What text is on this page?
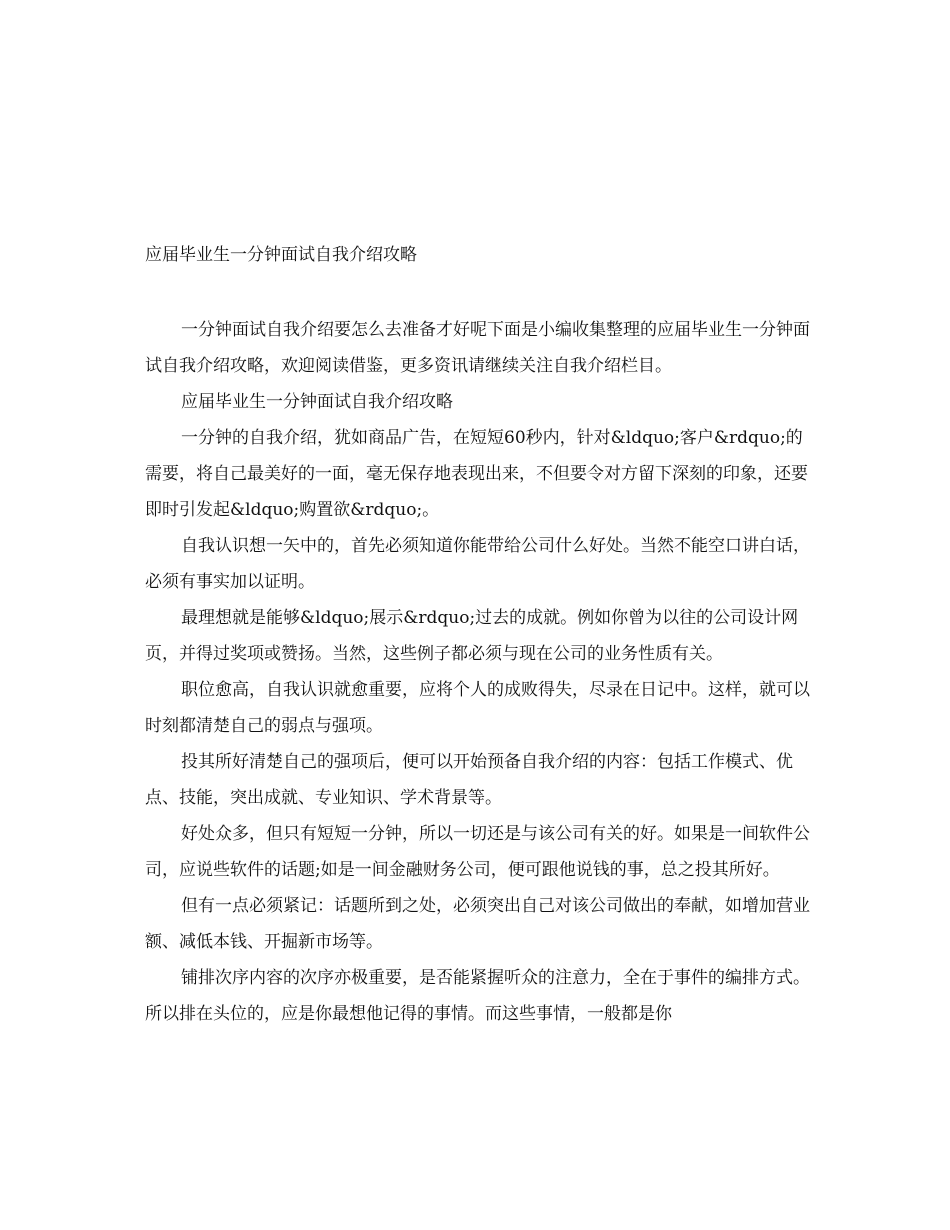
应届毕业生一分钟面试自我介绍攻略

一分钟面试自我介绍要怎么去准备才好呢下面是小编收集整理的应届毕业生一分钟面试自我介绍攻略，欢迎阅读借鉴，更多资讯请继续关注自我介绍栏目。

应届毕业生一分钟面试自我介绍攻略

一分钟的自我介绍，犹如商品广告，在短短60秒内，针对&ldquo;客户&rdquo;的需要，将自己最美好的一面，毫无保存地表现出来，不但要令对方留下深刻的印象，还要即时引发起&ldquo;购置欲&rdquo;。

自我认识想一矢中的，首先必须知道你能带给公司什么好处。当然不能空口讲白话，必须有事实加以证明。

最理想就是能够&ldquo;展示&rdquo;过去的成就。例如你曾为以往的公司设计网页，并得过奖项或赞扬。当然，这些例子都必须与现在公司的业务性质有关。

职位愈高，自我认识就愈重要，应将个人的成败得失，尽录在日记中。这样，就可以时刻都清楚自己的弱点与强项。

投其所好清楚自己的强项后，便可以开始预备自我介绍的内容：包括工作模式、优点、技能，突出成就、专业知识、学术背景等。

好处众多，但只有短短一分钟，所以一切还是与该公司有关的好。如果是一间软件公司，应说些软件的话题;如是一间金融财务公司，便可跟他说钱的事，总之投其所好。

但有一点必须紧记：话题所到之处，必须突出自己对该公司做出的奉献，如增加营业额、减低本钱、开掘新市场等。

铺排次序内容的次序亦极重要，是否能紧握听众的注意力，全在于事件的编排方式。所以排在头位的，应是你最想他记得的事情。而这些事情，一般都是你
